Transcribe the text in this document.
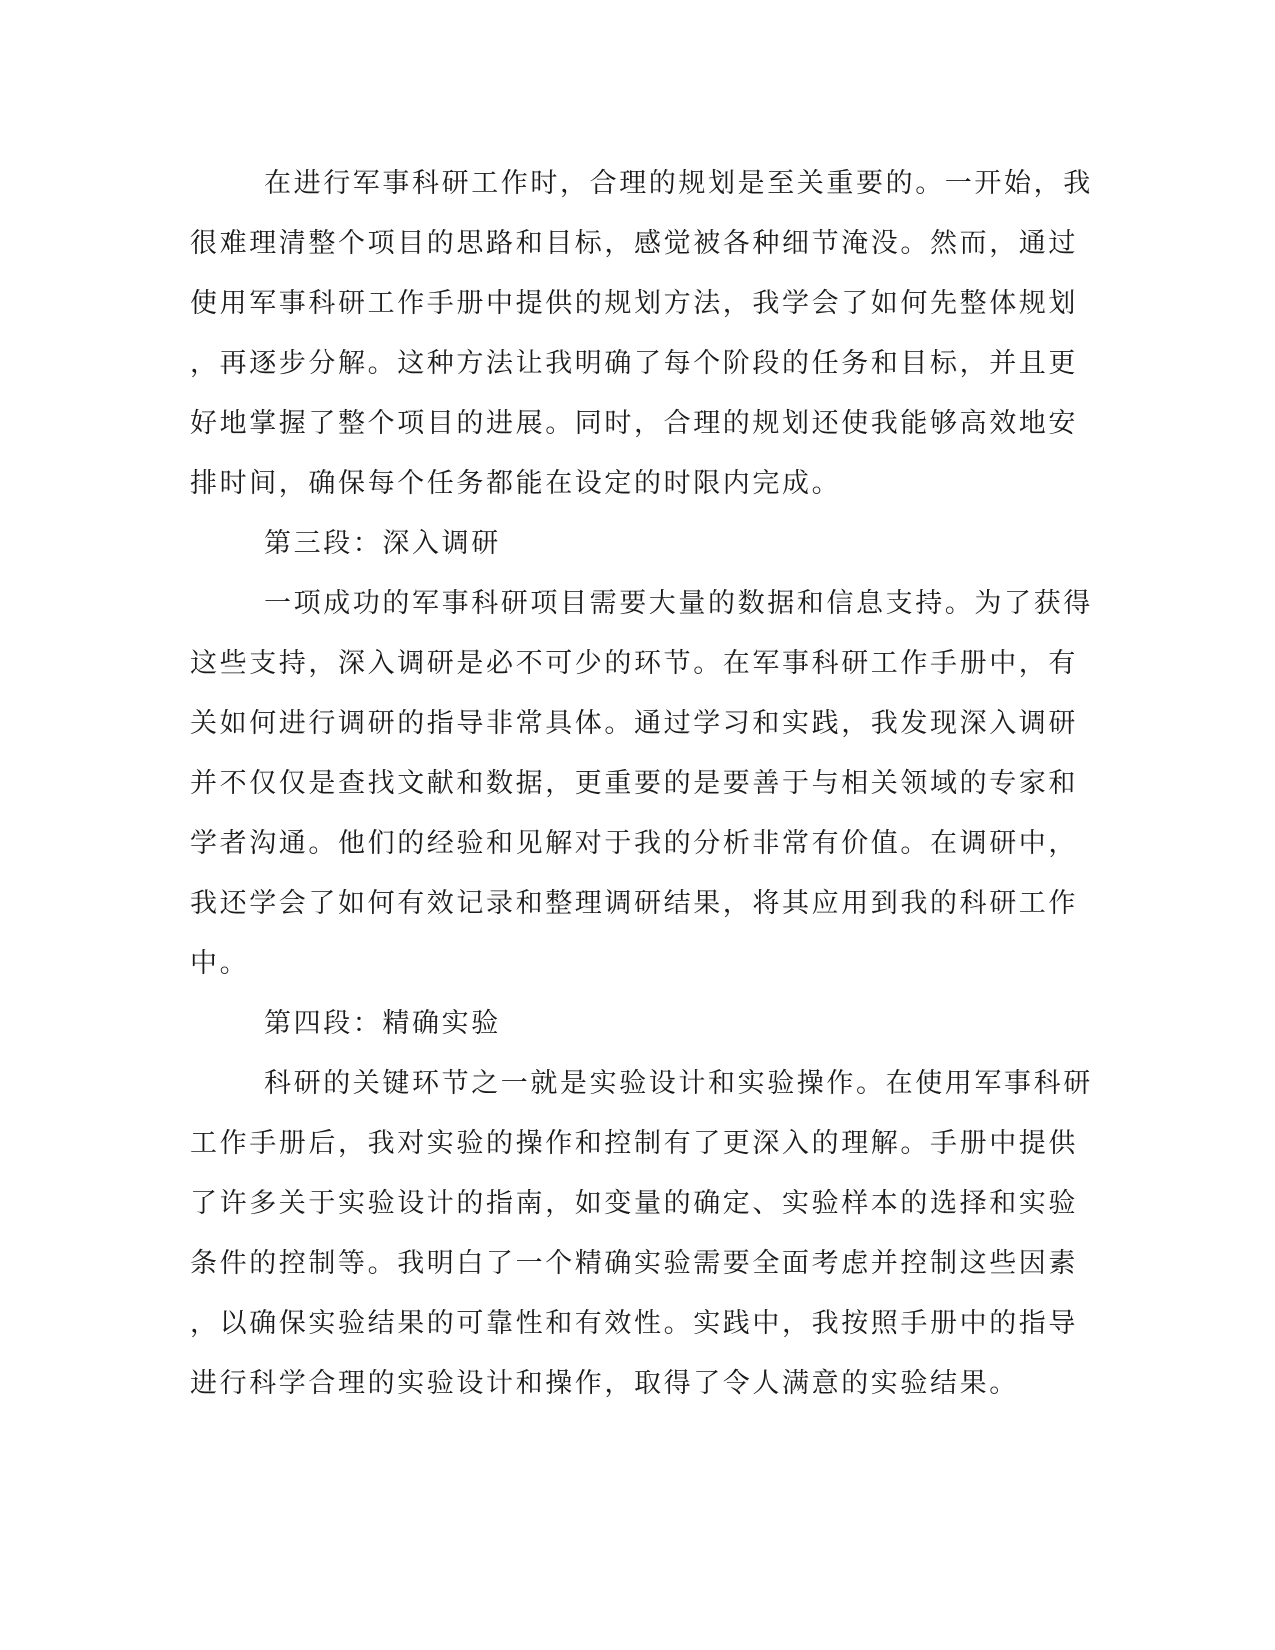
在进行军事科研工作时，合理的规划是至关重要的。一开始，我
很难理清整个项目的思路和目标，感觉被各种细节淹没。然而，通过
使用军事科研工作手册中提供的规划方法，我学会了如何先整体规划
，再逐步分解。这种方法让我明确了每个阶段的任务和目标，并且更
好地掌握了整个项目的进展。同时，合理的规划还使我能够高效地安
排时间，确保每个任务都能在设定的时限内完成。
第三段：深入调研
一项成功的军事科研项目需要大量的数据和信息支持。为了获得
这些支持，深入调研是必不可少的环节。在军事科研工作手册中，有
关如何进行调研的指导非常具体。通过学习和实践，我发现深入调研
并不仅仅是查找文献和数据，更重要的是要善于与相关领域的专家和
学者沟通。他们的经验和见解对于我的分析非常有价值。在调研中，
我还学会了如何有效记录和整理调研结果，将其应用到我的科研工作
中。
第四段：精确实验
科研的关键环节之一就是实验设计和实验操作。在使用军事科研
工作手册后，我对实验的操作和控制有了更深入的理解。手册中提供
了许多关于实验设计的指南，如变量的确定、实验样本的选择和实验
条件的控制等。我明白了一个精确实验需要全面考虑并控制这些因素
，以确保实验结果的可靠性和有效性。实践中，我按照手册中的指导
进行科学合理的实验设计和操作，取得了令人满意的实验结果。
